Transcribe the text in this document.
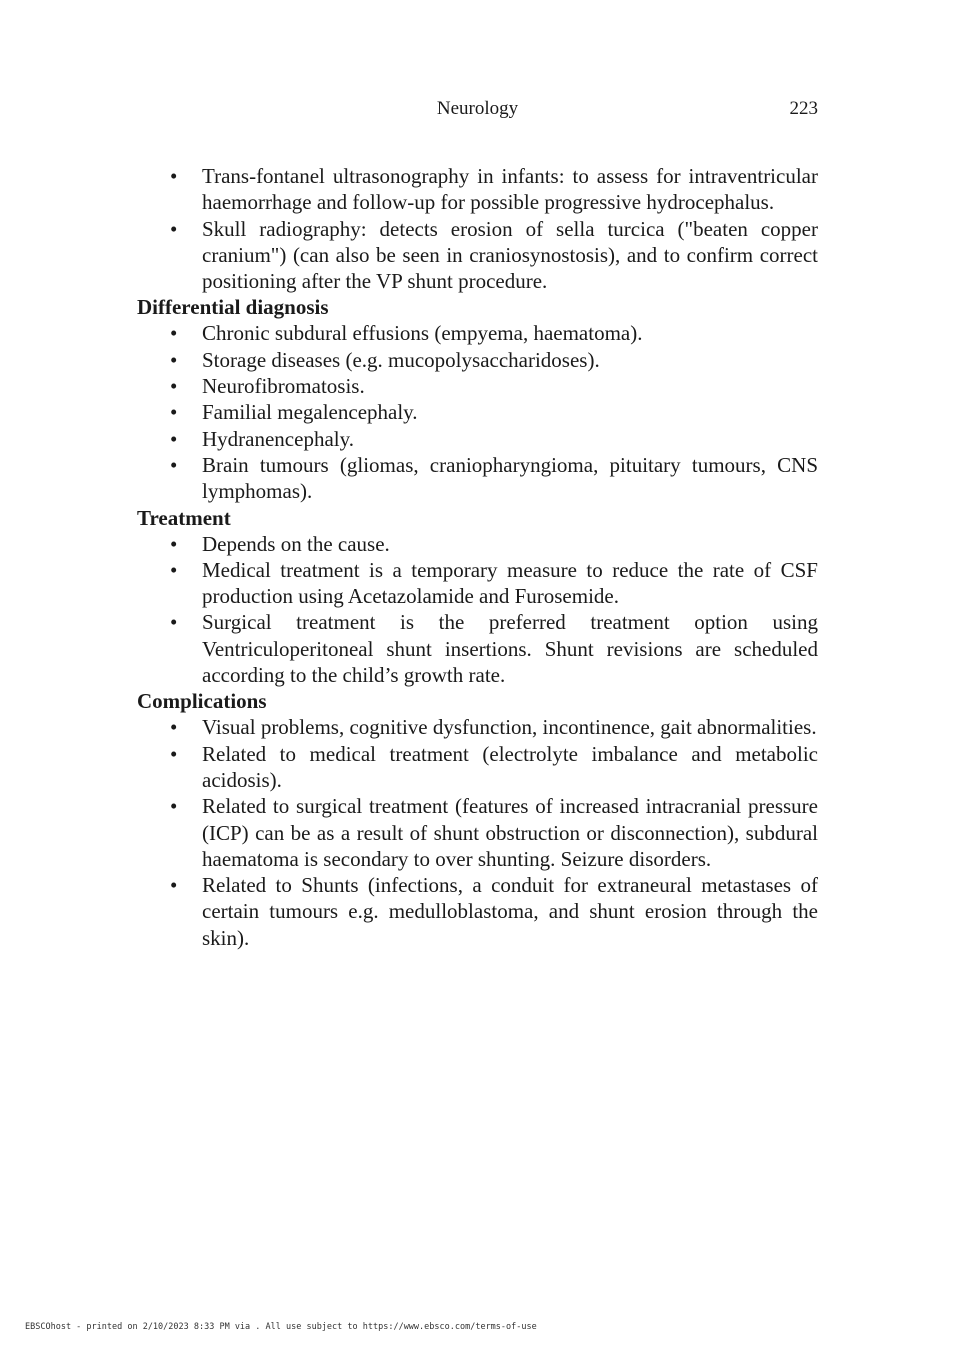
Neurology	223
• Trans-fontanel ultrasonography in infants: to assess for intraventricular haemorrhage and follow-up for possible progressive hydrocephalus.
• Skull radiography: detects erosion of sella turcica ("beaten copper cranium") (can also be seen in craniosynostosis), and to confirm correct positioning after the VP shunt procedure.
Differential diagnosis
• Chronic subdural effusions (empyema, haematoma).
• Storage diseases (e.g. mucopolysaccharidoses).
• Neurofibromatosis.
• Familial megalencephaly.
• Hydranencephaly.
• Brain tumours (gliomas, craniopharyngioma, pituitary tumours, CNS lymphomas).
Treatment
• Depends on the cause.
• Medical treatment is a temporary measure to reduce the rate of CSF production using Acetazolamide and Furosemide.
• Surgical treatment is the preferred treatment option using Ventriculoperitoneal shunt insertions. Shunt revisions are scheduled according to the child’s growth rate.
Complications
• Visual problems, cognitive dysfunction, incontinence, gait abnormalities.
• Related to medical treatment (electrolyte imbalance and metabolic acidosis).
• Related to surgical treatment (features of increased intracranial pressure (ICP) can be as a result of shunt obstruction or disconnection), subdural haematoma is secondary to over shunting. Seizure disorders.
• Related to Shunts (infections, a conduit for extraneural metastases of certain tumours e.g. medulloblastoma, and shunt erosion through the skin).
EBSCOhost - printed on 2/10/2023 8:33 PM via . All use subject to https://www.ebsco.com/terms-of-use
